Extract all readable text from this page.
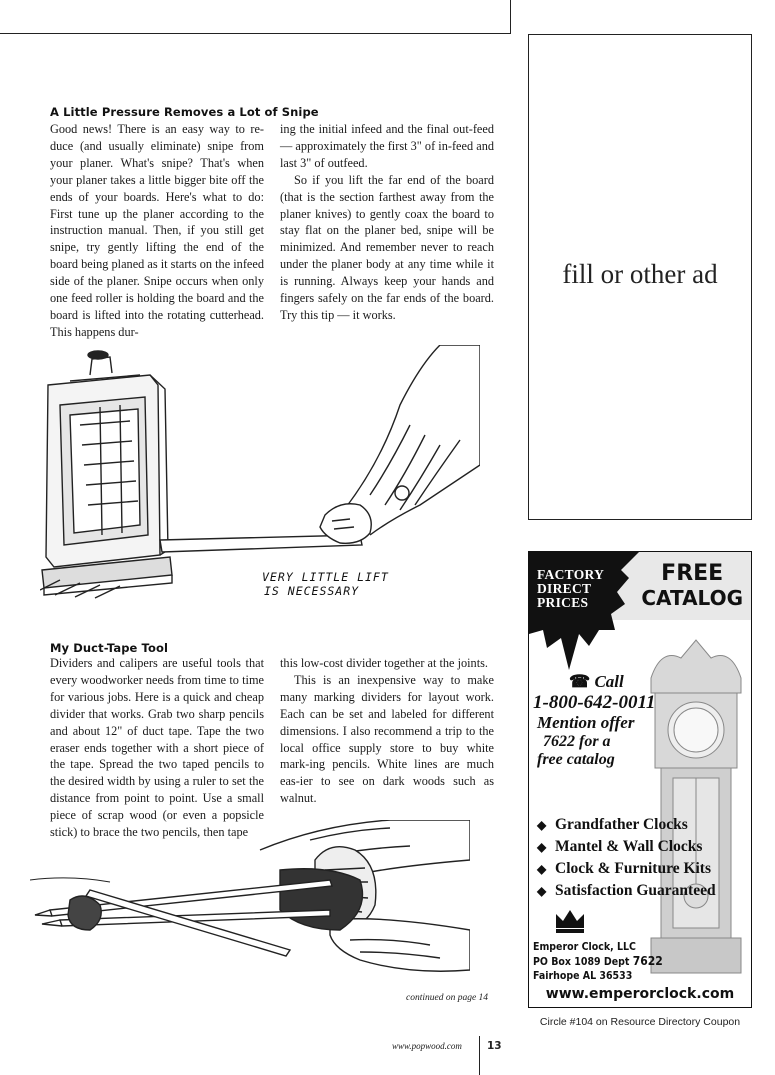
A Little Pressure Removes a Lot of Snipe

Good news! There is an easy way to re-duce (and usually eliminate) snipe from your planer. What's snipe? That's when your planer takes a little bigger bite off the ends of your boards. Here's what to do: First tune up the planer according to the instruction manual. Then, if you still get snipe, try gently lifting the end of the board being planed as it starts on the infeed side of the planer. Snipe occurs when only one feed roller is holding the board and the board is lifted into the rotating cutterhead. This happens dur-

ing the initial infeed and the final out-feed — approximately the first 3" of in-feed and last 3" of outfeed.

So if you lift the far end of the board (that is the section farthest away from the planer knives) to gently coax the board to stay flat on the planer bed, snipe will be minimized. And remember never to reach under the planer body at any time while it is running. Always keep your hands and fingers safely on the far ends of the board. Try this tip — it works.

VERY LITTLE LIFT
IS NECESSARY
My Duct-Tape Tool

Dividers and calipers are useful tools that every woodworker needs from time to time for various jobs. Here is a quick and cheap divider that works. Grab two sharp pencils and about 12" of duct tape. Tape the two eraser ends together with a short piece of the tape. Spread the two taped pencils to the desired width by using a ruler to set the distance from point to point. Use a small piece of scrap wood (or even a popsicle stick) to brace the two pencils, then tape

this low-cost divider together at the joints.

This is an inexpensive way to make many marking dividers for layout work. Each can be set and labeled for different dimensions. I also recommend a trip to the local office supply store to buy white mark-ing pencils. White lines are much eas-ier to see on dark woods such as walnut.

continued on page 14
fill or other ad
FACTORY
DIRECT
PRICES
FREE
CATALOG
☎ Call
1-800-642-0011
Mention offer
7622 for a
free catalog
◆ Grandfather Clocks
◆ Mantel & Wall Clocks
◆ Clock & Furniture Kits
◆ Satisfaction Guaranteed
Emperor Clock, LLC
PO Box 1089 Dept 7622
Fairhope AL 36533
www.emperorclock.com
Circle #104 on Resource Directory Coupon
www.popwood.com 13
